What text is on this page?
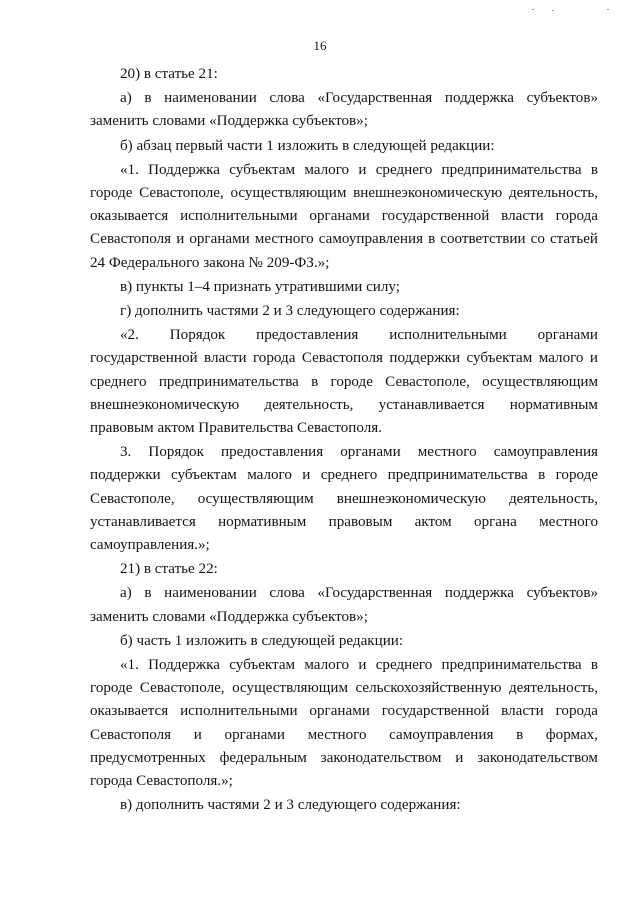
16

20) в статье 21:

а) в наименовании слова «Государственная поддержка субъектов» заменить словами «Поддержка субъектов»;

б) абзац первый части 1 изложить в следующей редакции:

«1. Поддержка субъектам малого и среднего предпринимательства в городе Севастополе, осуществляющим внешнеэкономическую деятельность, оказывается исполнительными органами государственной власти города Севастополя и органами местного самоуправления в соответствии со статьей 24 Федерального закона № 209-ФЗ.»;

в) пункты 1–4 признать утратившими силу;

г) дополнить частями 2 и 3 следующего содержания:

«2. Порядок предоставления исполнительными органами государственной власти города Севастополя поддержки субъектам малого и среднего предпринимательства в городе Севастополе, осуществляющим внешнеэкономическую деятельность, устанавливается нормативным правовым актом Правительства Севастополя.

3. Порядок предоставления органами местного самоуправления поддержки субъектам малого и среднего предпринимательства в городе Севастополе, осуществляющим внешнеэкономическую деятельность, устанавливается нормативным правовым актом органа местного самоуправления.»;

21) в статье 22:

а) в наименовании слова «Государственная поддержка субъектов» заменить словами «Поддержка субъектов»;

б) часть 1 изложить в следующей редакции:

«1. Поддержка субъектам малого и среднего предпринимательства в городе Севастополе, осуществляющим сельскохозяйственную деятельность, оказывается исполнительными органами государственной власти города Севастополя и органами местного самоуправления в формах, предусмотренных федеральным законодательством и законодательством города Севастополя.»;

в) дополнить частями 2 и 3 следующего содержания:
